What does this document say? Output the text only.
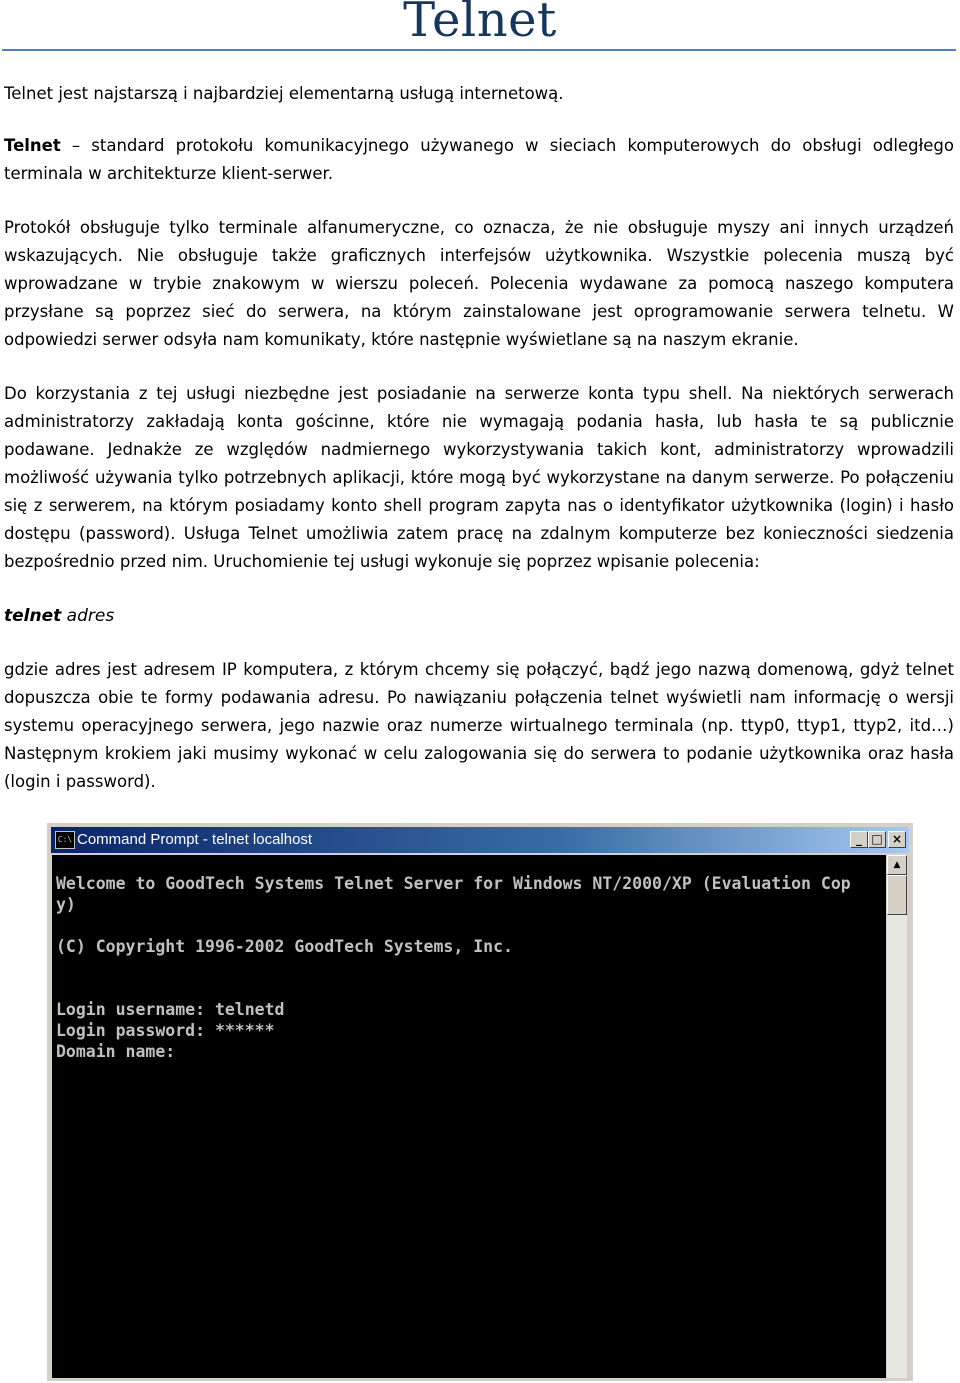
Telnet

Telnet jest najstarszą i najbardziej elementarną usługą internetową.

Telnet – standard protokołu komunikacyjnego używanego w sieciach komputerowych do obsługi odległego terminala w architekturze klient-serwer.

Protokół obsługuje tylko terminale alfanumeryczne, co oznacza, że nie obsługuje myszy ani innych urządzeń wskazujących. Nie obsługuje także graficznych interfejsów użytkownika. Wszystkie polecenia muszą być wprowadzane w trybie znakowym w wierszu poleceń. Polecenia wydawane za pomocą naszego komputera przysłane są poprzez sieć do serwera, na którym zainstalowane jest oprogramowanie serwera telnetu. W odpowiedzi serwer odsyła nam komunikaty, które następnie wyświetlane są na naszym ekranie.

Do korzystania z tej usługi niezbędne jest posiadanie na serwerze konta typu shell. Na niektórych serwerach administratorzy zakładają konta gościnne, które nie wymagają podania hasła, lub hasła te są publicznie podawane. Jednakże ze względów nadmiernego wykorzystywania takich kont, administratorzy wprowadzili możliwość używania tylko potrzebnych aplikacji, które mogą być wykorzystane na danym serwerze. Po połączeniu się z serwerem, na którym posiadamy konto shell program zapyta nas o identyfikator użytkownika (login) i hasło dostępu (password). Usługa Telnet umożliwia zatem pracę na zdalnym komputerze bez konieczności siedzenia bezpośrednio przed nim. Uruchomienie tej usługi wykonuje się poprzez wpisanie polecenia:

telnet adres

gdzie adres jest adresem IP komputera, z którym chcemy się połączyć, bądź jego nazwą domenową, gdyż telnet dopuszcza obie te formy podawania adresu. Po nawiązaniu połączenia telnet wyświetli nam informację o wersji systemu operacyjnego serwera, jego nazwie oraz numerze wirtualnego terminala (np. ttyp0, ttyp1, ttyp2, itd…) Następnym krokiem jaki musimy wykonać w celu zalogowania się do serwera to podanie użytkownika oraz hasła (login i password).

C:\ Command Prompt - telnet localhost	_ □ ×
Welcome to GoodTech Systems Telnet Server for Windows NT/2000/XP (Evaluation Cop
y)

(C) Copyright 1996-2002 GoodTech Systems, Inc.

Login username: telnetd
Login password: ******
Domain name:
▲
